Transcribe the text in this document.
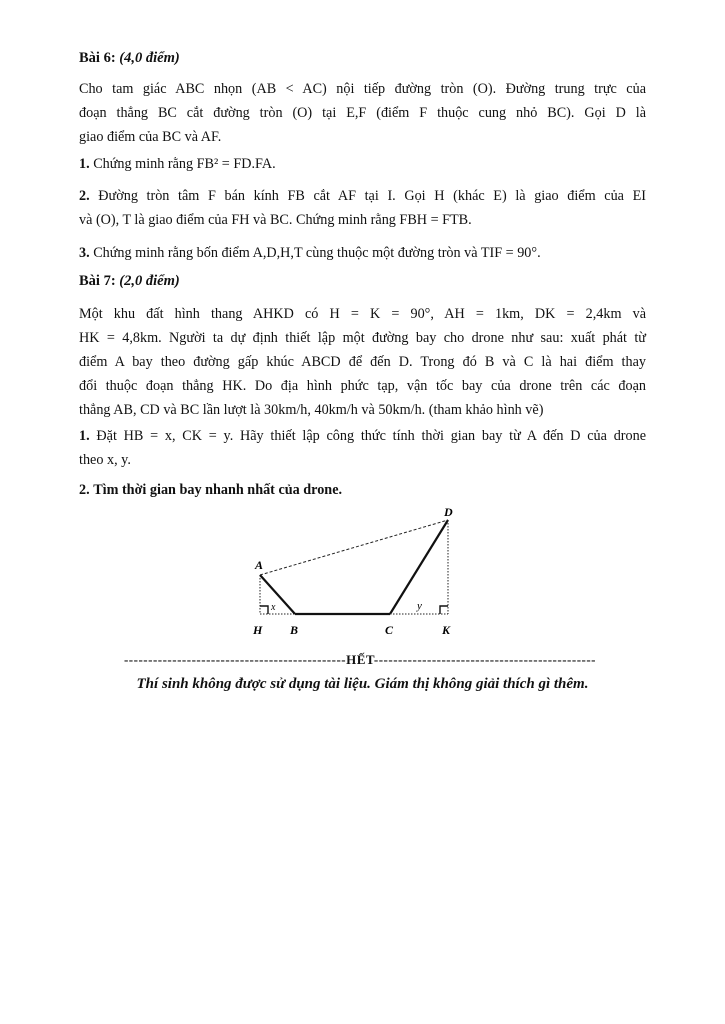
Bài 6: (4,0 điểm)
Cho tam giác ABC nhọn (AB < AC) nội tiếp đường tròn (O). Đường trung trực của
đoạn thẳng BC cắt đường tròn (O) tại E,F (điểm F thuộc cung nhỏ BC). Gọi D là
giao điểm của BC và AF.
1. Chứng minh rằng FB² = FD.FA.
2. Đường tròn tâm F bán kính FB cắt AF tại I. Gọi H (khác E) là giao điểm của EI
và (O), T là giao điểm của FH và BC. Chứng minh rằng FBH = FTB.
3. Chứng minh rằng bốn điểm A,D,H,T cùng thuộc một đường tròn và TIF = 90°.
Bài 7: (2,0 điểm)
Một khu đất hình thang AHKD có H = K = 90°, AH = 1km, DK = 2,4km và
HK = 4,8km. Người ta dự định thiết lập một đường bay cho drone như sau: xuất phát từ
điểm A bay theo đường gấp khúc ABCD để đến D. Trong đó B và C là hai điểm thay
đổi thuộc đoạn thẳng HK. Do địa hình phức tạp, vận tốc bay của drone trên các đoạn
thẳng AB, CD và BC lần lượt là 30km/h, 40km/h và 50km/h. (tham khảo hình vẽ)
1. Đặt HB = x, CK = y. Hãy thiết lập công thức tính thời gian bay từ A đến D của drone
theo x, y.
2. Tìm thời gian bay nhanh nhất của drone.
A
D
H B	C	K
x	y
----------------------------------------------HẾT----------------------------------------------
Thí sinh không được sử dụng tài liệu. Giám thị không giải thích gì thêm.
